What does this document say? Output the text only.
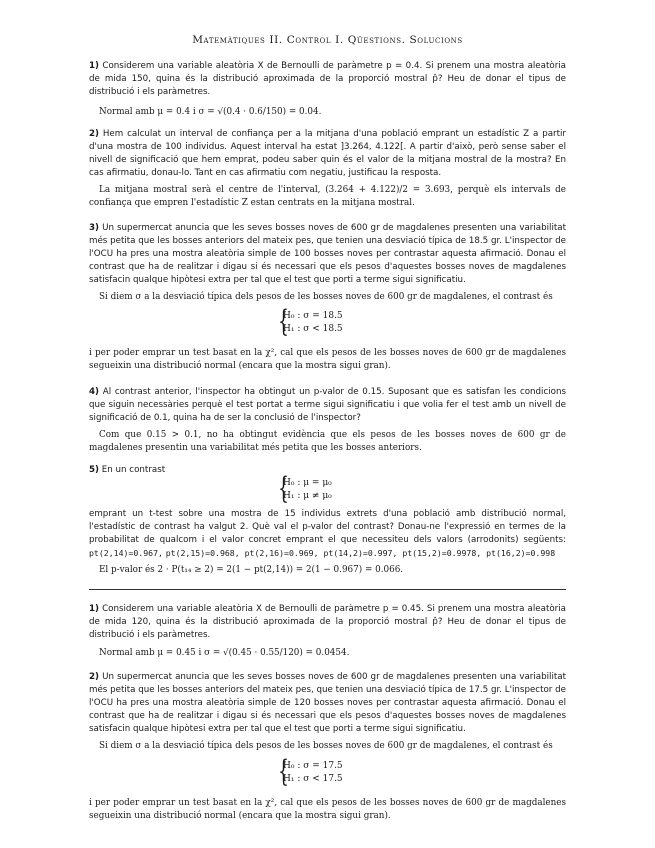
Matemàtiques II. Control I. Qüestions. Solucions
1) Considerem una variable aleatòria X de Bernoulli de paràmetre p = 0.4. Si prenem una mostra aleatòria de mida 150, quina és la distribució aproximada de la proporció mostral p̂? Heu de donar el tipus de distribució i els paràmetres.
Normal amb μ = 0.4 i σ = √(0.4 · 0.6/150) = 0.04.
2) Hem calculat un interval de confiança per a la mitjana d'una població emprant un estadístic Z a partir d'una mostra de 100 individus. Aquest interval ha estat ]3.264, 4.122[. A partir d'això, però sense saber el nivell de significació que hem emprat, podeu saber quin és el valor de la mitjana mostral de la mostra? En cas afirmatiu, donau-lo. Tant en cas afirmatiu com negatiu, justificau la resposta.
La mitjana mostral serà el centre de l'interval, (3.264 + 4.122)/2 = 3.693, perquè els intervals de confiança que empren l'estadístic Z estan centrats en la mitjana mostral.
3) Un supermercat anuncia que les seves bosses noves de 600 gr de magdalenes presenten una variabilitat més petita que les bosses anteriors del mateix pes, que tenien una desviació típica de 18.5 gr. L'inspector de l'OCU ha pres una mostra aleatòria simple de 100 bosses noves per contrastar aquesta afirmació. Donau el contrast que ha de realitzar i digau si és necessari que els pesos d'aquestes bosses noves de magdalenes satisfacin qualque hipòtesi extra per tal que el test que porti a terme sigui significatiu.
Si diem σ a la desviació típica dels pesos de les bosses noves de 600 gr de magdalenes, el contrast és
{
H₀ : σ = 18.5
H₁ : σ < 18.5
i per poder emprar un test basat en la χ², cal que els pesos de les bosses noves de 600 gr de magdalenes segueixin una distribució normal (encara que la mostra sigui gran).
4) Al contrast anterior, l'inspector ha obtingut un p-valor de 0.15. Suposant que es satisfan les condicions que siguin necessàries perquè el test portat a terme sigui significatiu i que volia fer el test amb un nivell de significació de 0.1, quina ha de ser la conclusió de l'inspector?
Com que 0.15 > 0.1, no ha obtingut evidència que els pesos de les bosses noves de 600 gr de magdalenes presentin una variabilitat més petita que les bosses anteriors.
5) En un contrast
{
H₀ : μ = μ₀
H₁ : μ ≠ μ₀
emprant un t-test sobre una mostra de 15 individus extrets d'una població amb distribució normal, l'estadístic de contrast ha valgut 2. Què val el p-valor del contrast? Donau-ne l'expressió en termes de la probabilitat de qualcom i el valor concret emprant el que necessiteu dels valors (arrodonits) següents: pt(2,14)=0.967, pt(2,15)=0.968, pt(2,16)=0.969, pt(14,2)=0.997, pt(15,2)=0.9978, pt(16,2)=0.998
El p-valor és 2 · P(t₁₄ ≥ 2) = 2(1 − pt(2,14)) = 2(1 − 0.967) = 0.066.
1) Considerem una variable aleatòria X de Bernoulli de paràmetre p = 0.45. Si prenem una mostra aleatòria de mida 120, quina és la distribució aproximada de la proporció mostral p̂? Heu de donar el tipus de distribució i els paràmetres.
Normal amb μ = 0.45 i σ = √(0.45 · 0.55/120) = 0.0454.
2) Un supermercat anuncia que les seves bosses noves de 600 gr de magdalenes presenten una variabilitat més petita que les bosses anteriors del mateix pes, que tenien una desviació típica de 17.5 gr. L'inspector de l'OCU ha pres una mostra aleatòria simple de 120 bosses noves per contrastar aquesta afirmació. Donau el contrast que ha de realitzar i digau si és necessari que els pesos d'aquestes bosses noves de magdalenes satisfacin qualque hipòtesi extra per tal que el test que porti a terme sigui significatiu.
Si diem σ a la desviació típica dels pesos de les bosses noves de 600 gr de magdalenes, el contrast és
{
H₀ : σ = 17.5
H₁ : σ < 17.5
i per poder emprar un test basat en la χ², cal que els pesos de les bosses noves de 600 gr de magdalenes segueixin una distribució normal (encara que la mostra sigui gran).
